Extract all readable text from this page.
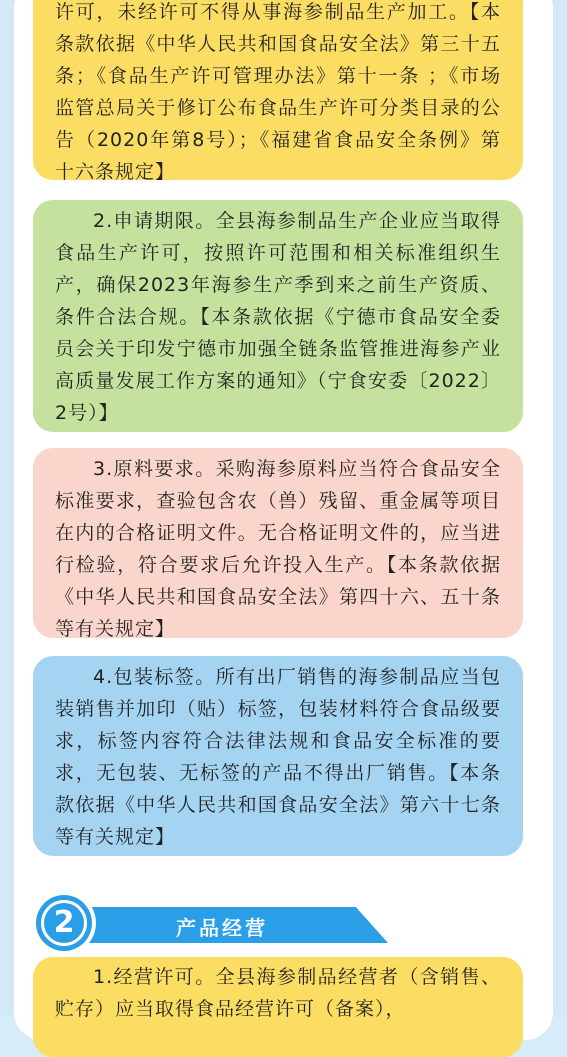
许可，未经许可不得从事海参制品生产加工。【本条款依据《中华人民共和国食品安全法》第三十五条；《食品生产许可管理办法》第十一条 ；《市场监管总局关于修订公布食品生产许可分类目录的公告（2020年第8号）；《福建省食品安全条例》第十六条规定】

2.申请期限。全县海参制品生产企业应当取得食品生产许可，按照许可范围和相关标准组织生产，确保2023年海参生产季到来之前生产资质、条件合法合规。【本条款依据《宁德市食品安全委员会关于印发宁德市加强全链条监管推进海参产业高质量发展工作方案的通知》（宁食安委〔2022〕2号）】

3.原料要求。采购海参原料应当符合食品安全标准要求，查验包含农（兽）残留、重金属等项目在内的合格证明文件。无合格证明文件的，应当进行检验，符合要求后允许投入生产。【本条款依据《中华人民共和国食品安全法》第四十六、五十条等有关规定】

4.包装标签。所有出厂销售的海参制品应当包装销售并加印（贴）标签，包装材料符合食品级要求，标签内容符合法律法规和食品安全标准的要求，无包装、无标签的产品不得出厂销售。【本条款依据《中华人民共和国食品安全法》第六十七条等有关规定】

产品经营
2

1.经营许可。全县海参制品经营者（含销售、贮存）应当取得食品经营许可（备案），
